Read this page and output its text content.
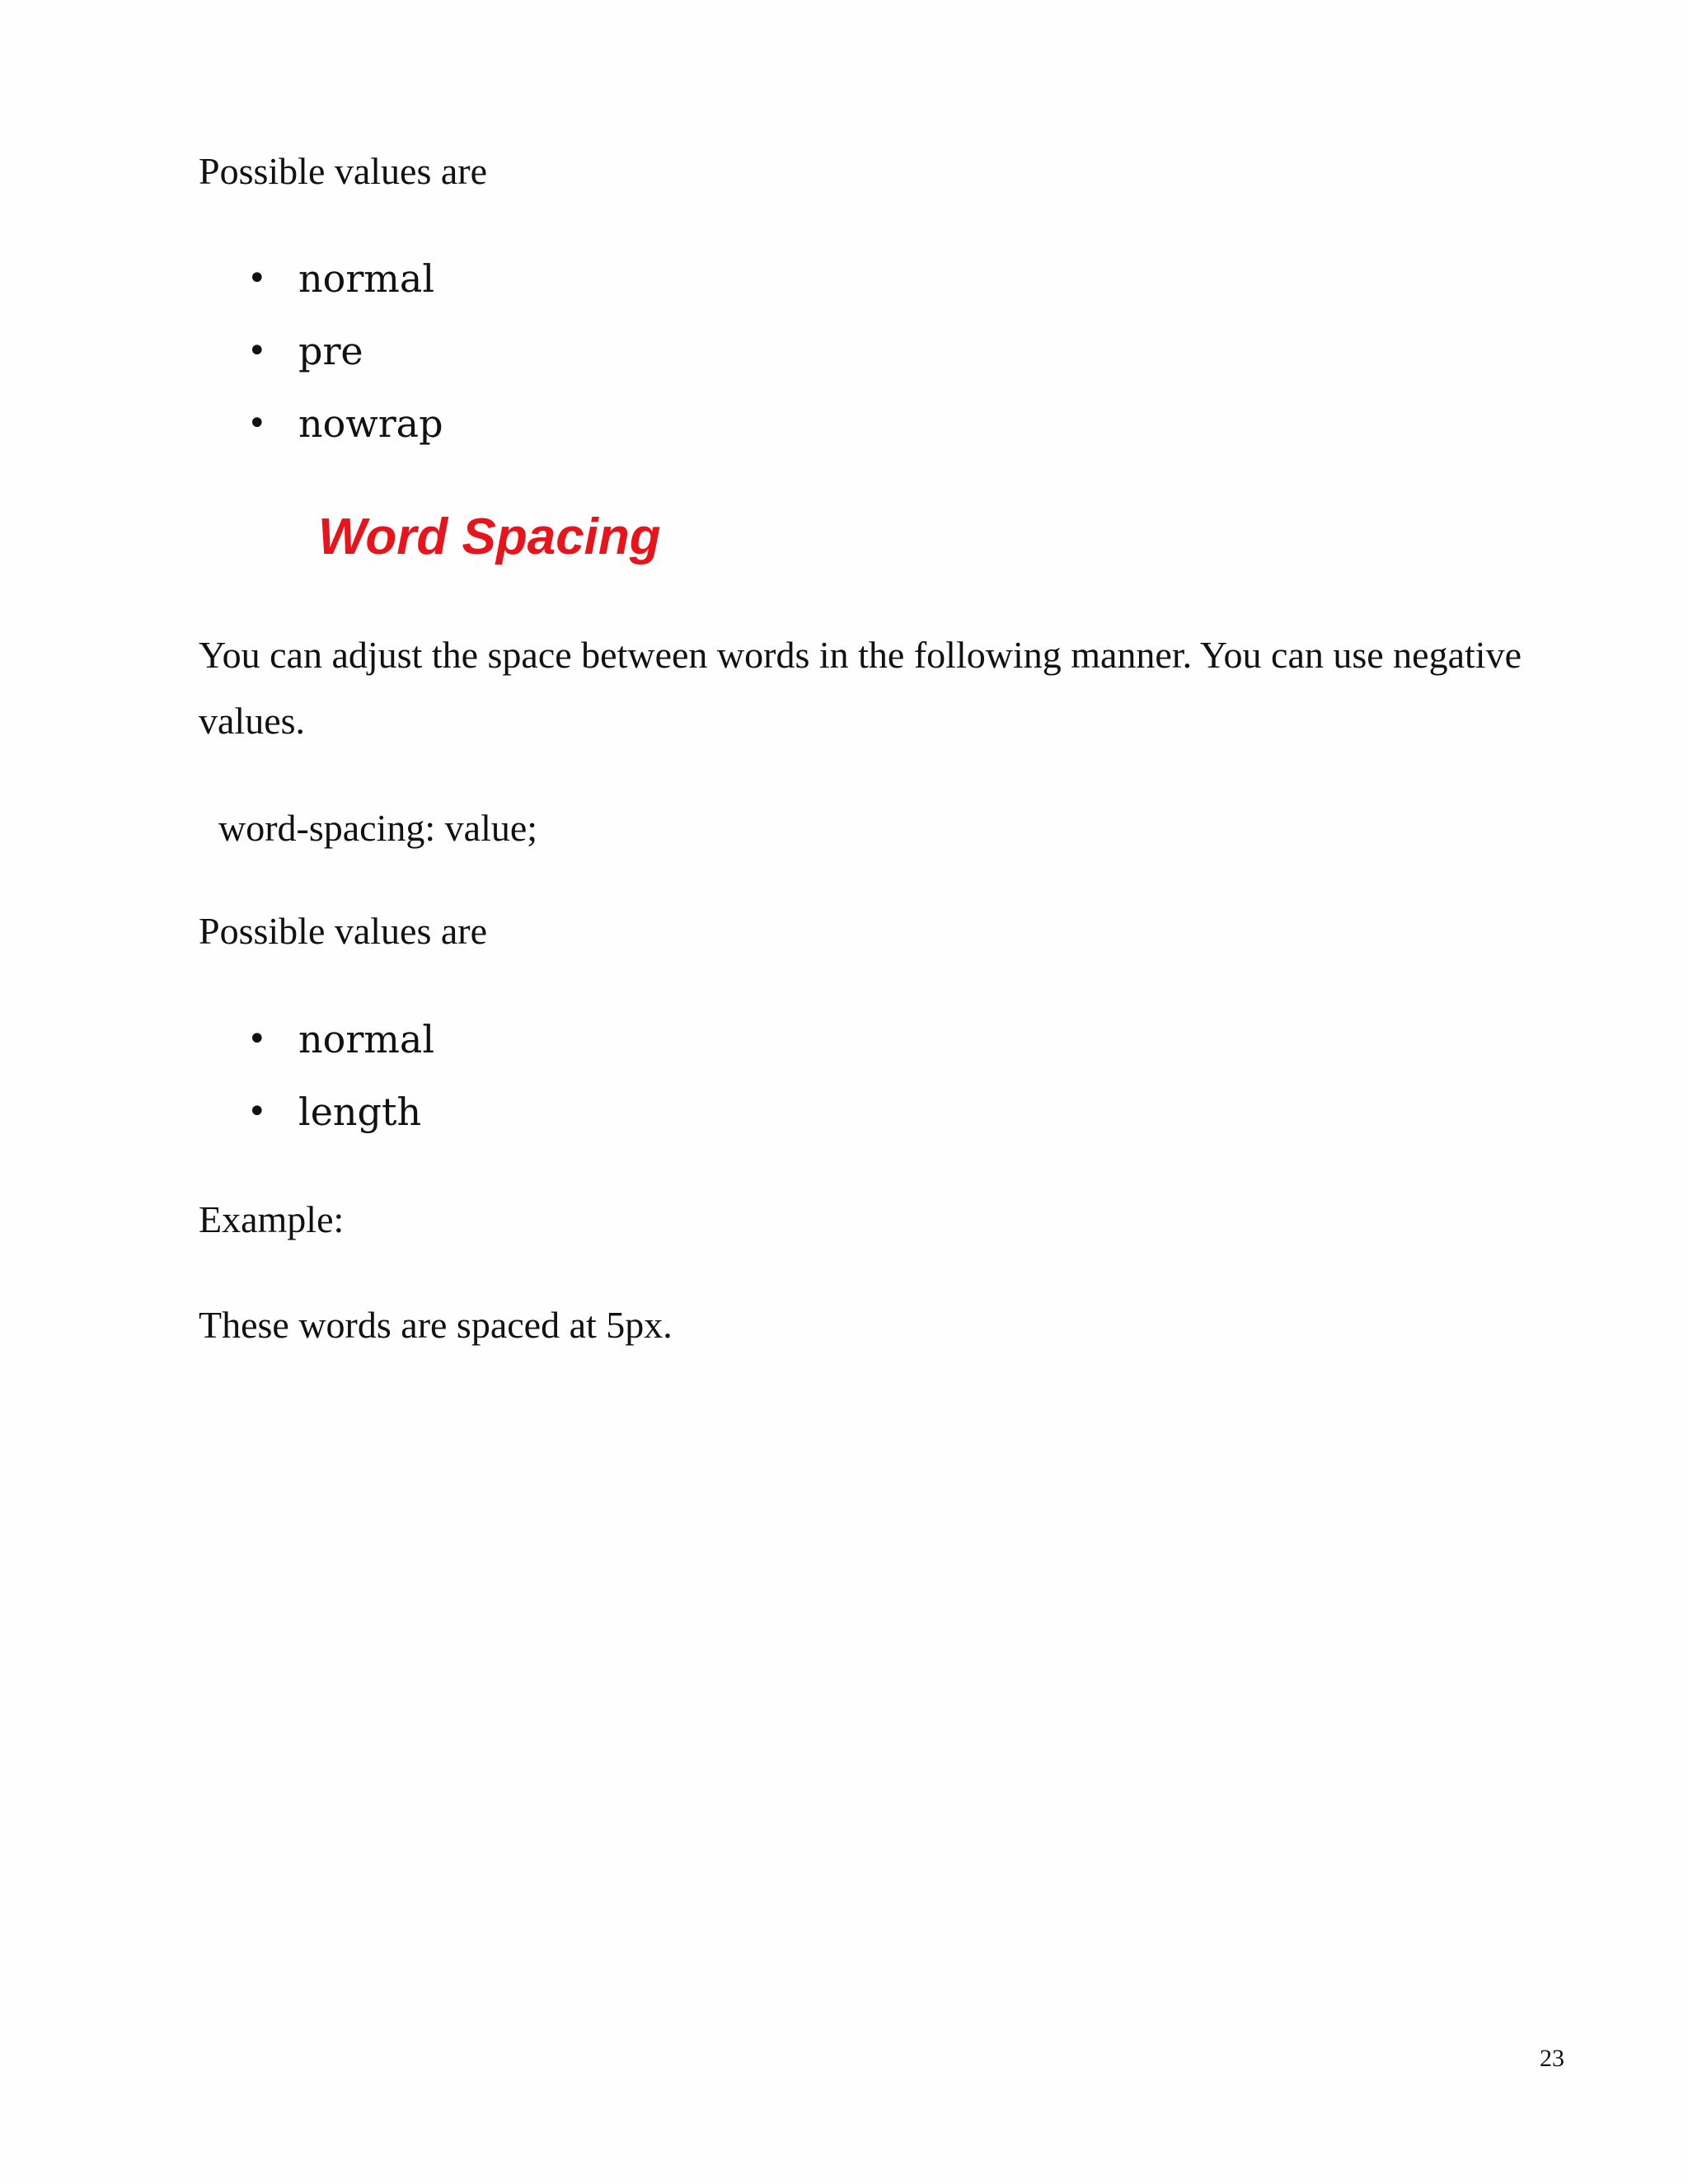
Possible values are

• normal
• pre
• nowrap
Word Spacing

You can adjust the space between words in the following manner. You can use negative values.

word-spacing: value;

Possible values are

• normal
• length

Example:

These words are spaced at 5px.

23
